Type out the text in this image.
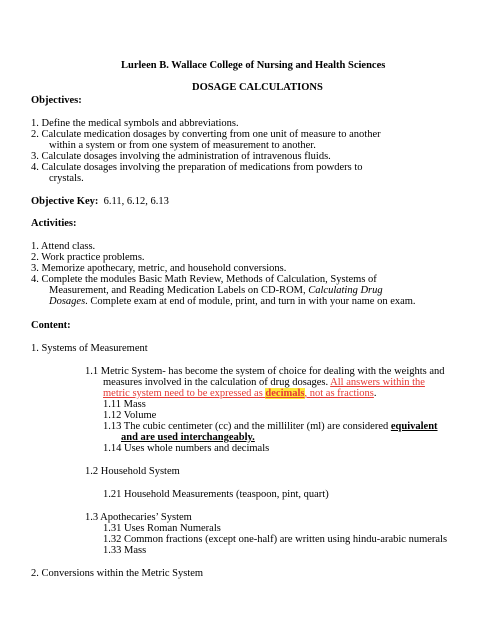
Lurleen B. Wallace College of Nursing and Health Sciences
DOSAGE CALCULATIONS
Objectives:
1. Define the medical symbols and abbreviations.
2. Calculate medication dosages by converting from one unit of measure to another
within a system or from one system of measurement to another.
3. Calculate dosages involving the administration of intravenous fluids.
4. Calculate dosages involving the preparation of medications from powders to
crystals.
Objective Key: 6.11, 6.12, 6.13
Activities:
1. Attend class.
2. Work practice problems.
3. Memorize apothecary, metric, and household conversions.
4. Complete the modules Basic Math Review, Methods of Calculation, Systems of
Measurement, and Reading Medication Labels on CD-ROM, Calculating Drug
Dosages. Complete exam at end of module, print, and turn in with your name on exam.
Content:
1. Systems of Measurement
1.1 Metric System- has become the system of choice for dealing with the weights and
measures involved in the calculation of drug dosages. All answers within the
metric system need to be expressed as decimals, not as fractions.
1.11 Mass
1.12 Volume
1.13 The cubic centimeter (cc) and the milliliter (ml) are considered equivalent
and are used interchangeably.
1.14 Uses whole numbers and decimals
1.2 Household System
1.21 Household Measurements (teaspoon, pint, quart)
1.3 Apothecaries’ System
1.31 Uses Roman Numerals
1.32 Common fractions (except one-half) are written using hindu-arabic numerals
1.33 Mass
2. Conversions within the Metric System
